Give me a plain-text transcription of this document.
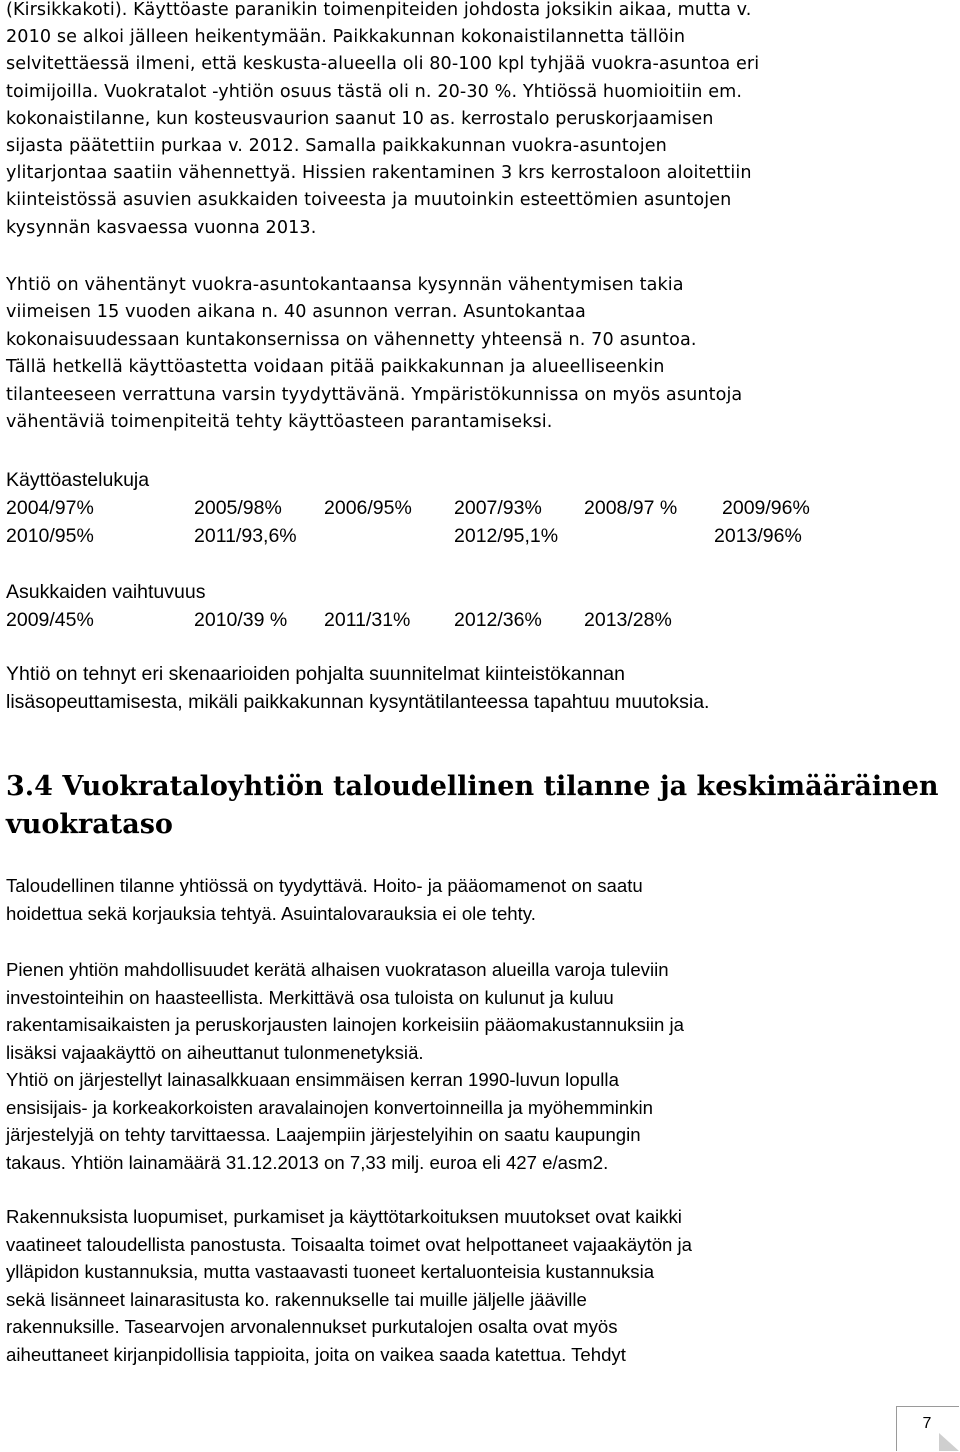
(Kirsikkakoti). Käyttöaste paranikin toimenpiteiden johdosta joksikin aikaa, mutta v.
2010 se alkoi jälleen heikentymään. Paikkakunnan kokonaistilannetta tällöin
selvitettäessä ilmeni, että keskusta-alueella oli 80-100 kpl tyhjää vuokra-asuntoa eri
toimijoilla. Vuokratalot -yhtiön osuus tästä oli n. 20-30 %. Yhtiössä huomioitiin em.
kokonaistilanne, kun kosteusvaurion saanut 10 as. kerrostalo peruskorjaamisen
sijasta päätettiin purkaa v. 2012. Samalla paikkakunnan vuokra-asuntojen
ylitarjontaa saatiin vähennettyä. Hissien rakentaminen 3 krs kerrostaloon aloitettiin
kiinteistössä asuvien asukkaiden toiveesta ja muutoinkin esteettömien asuntojen
kysynnän kasvaessa vuonna 2013.

Yhtiö on vähentänyt vuokra-asuntokantaansa kysynnän vähentymisen takia
viimeisen 15 vuoden aikana n. 40 asunnon verran. Asuntokantaa
kokonaisuudessaan kuntakonsernissa on vähennetty yhteensä n. 70 asuntoa.
Tällä hetkellä käyttöastetta voidaan pitää paikkakunnan ja alueelliseenkin
tilanteeseen verrattuna varsin tyydyttävänä. Ympäristökunnissa on myös asuntoja
vähentäviä toimenpiteitä tehty käyttöasteen parantamiseksi.

Käyttöastelukuja
2004/97%	2005/98% 2006/95% 2007/93% 2008/97 % 2009/96%
2010/95%	2011/93,6%	2012/95,1%	2013/96%
Asukkaiden vaihtuvuus
2009/45%	2010/39 % 2011/31% 2012/36% 2013/28%

Yhtiö on tehnyt eri skenaarioiden pohjalta suunnitelmat kiinteistökannan
lisäsopeuttamisesta, mikäli paikkakunnan kysyntätilanteessa tapahtuu muutoksia.

3.4 Vuokrataloyhtiön taloudellinen tilanne ja keskimääräinen
vuokrataso

Taloudellinen tilanne yhtiössä on tyydyttävä. Hoito- ja pääomamenot on saatu
hoidettua sekä korjauksia tehtyä. Asuintalovarauksia ei ole tehty.

Pienen yhtiön mahdollisuudet kerätä alhaisen vuokratason alueilla varoja tuleviin
investointeihin on haasteellista. Merkittävä osa tuloista on kulunut ja kuluu
rakentamisaikaisten ja peruskorjausten lainojen korkeisiin pääomakustannuksiin ja
lisäksi vajaakäyttö on aiheuttanut tulonmenetyksiä.
Yhtiö on järjestellyt lainasalkkuaan ensimmäisen kerran 1990-luvun lopulla
ensisijais- ja korkeakorkoisten aravalainojen konvertoinneilla ja myöhemminkin
järjestelyjä on tehty tarvittaessa. Laajempiin järjestelyihin on saatu kaupungin
takaus. Yhtiön lainamäärä 31.12.2013 on 7,33 milj. euroa eli 427 e/asm2.

Rakennuksista luopumiset, purkamiset ja käyttötarkoituksen muutokset ovat kaikki
vaatineet taloudellista panostusta. Toisaalta toimet ovat helpottaneet vajaakäytön ja
ylläpidon kustannuksia, mutta vastaavasti tuoneet kertaluonteisia kustannuksia
sekä lisänneet lainarasitusta ko. rakennukselle tai muille jäljelle jääville
rakennuksille. Tasearvojen arvonalennukset purkutalojen osalta ovat myös
aiheuttaneet kirjanpidollisia tappioita, joita on vaikea saada katettua. Tehdyt

7
